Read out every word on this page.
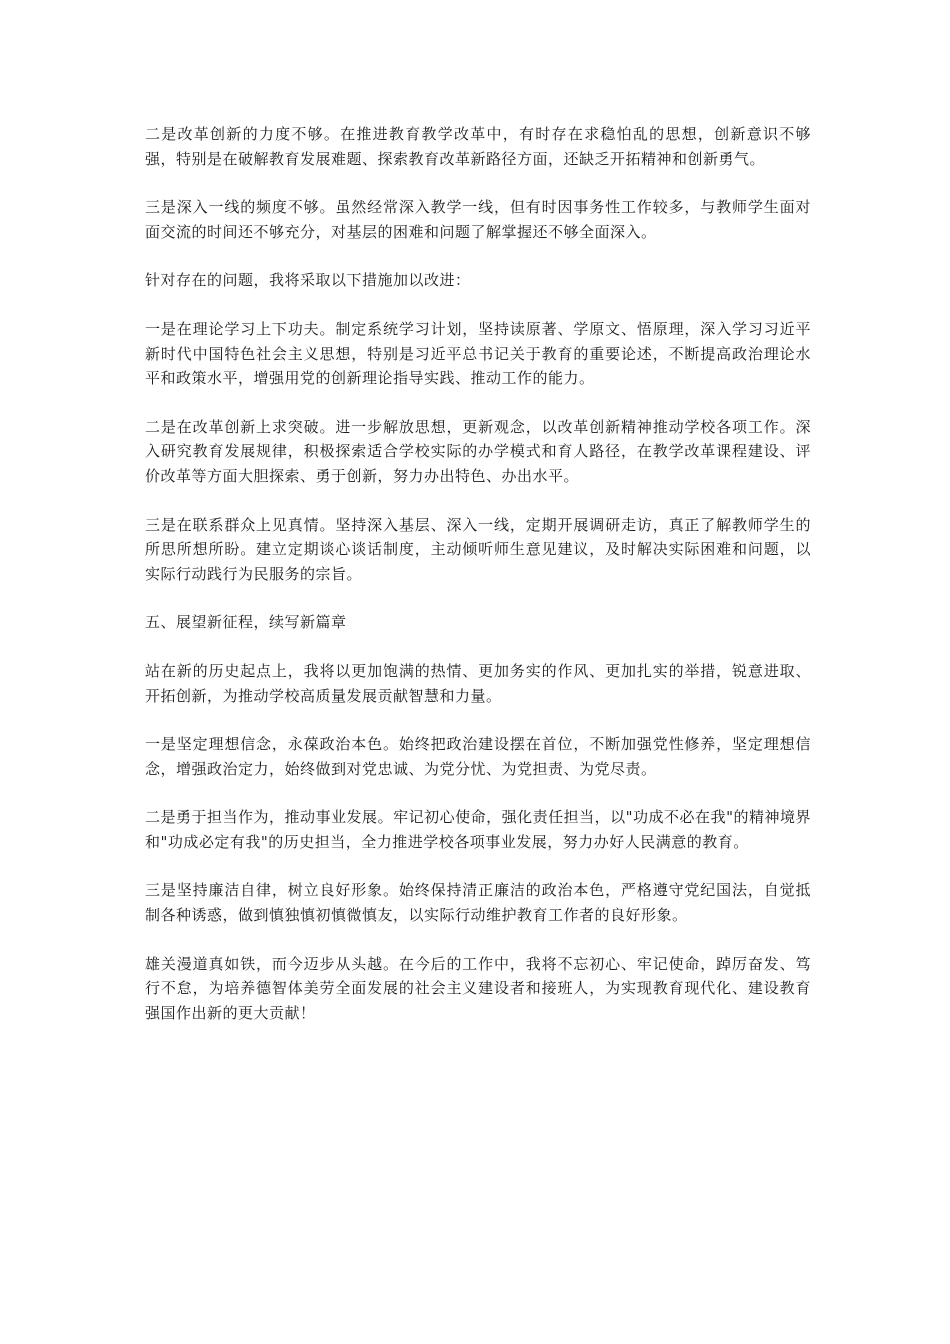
二是改革创新的力度不够。在推进教育教学改革中，有时存在求稳怕乱的思想，创新意识不够强，特别是在破解教育发展难题、探索教育改革新路径方面，还缺乏开拓精神和创新勇气。

三是深入一线的频度不够。虽然经常深入教学一线，但有时因事务性工作较多，与教师学生面对面交流的时间还不够充分，对基层的困难和问题了解掌握还不够全面深入。

针对存在的问题，我将采取以下措施加以改进：

一是在理论学习上下功夫。制定系统学习计划，坚持读原著、学原文、悟原理，深入学习习近平新时代中国特色社会主义思想，特别是习近平总书记关于教育的重要论述，不断提高政治理论水平和政策水平，增强用党的创新理论指导实践、推动工作的能力。

二是在改革创新上求突破。进一步解放思想，更新观念，以改革创新精神推动学校各项工作。深入研究教育发展规律，积极探索适合学校实际的办学模式和育人路径，在教学改革课程建设、评价改革等方面大胆探索、勇于创新，努力办出特色、办出水平。

三是在联系群众上见真情。坚持深入基层、深入一线，定期开展调研走访，真正了解教师学生的所思所想所盼。建立定期谈心谈话制度，主动倾听师生意见建议，及时解决实际困难和问题，以实际行动践行为民服务的宗旨。

五、展望新征程，续写新篇章

站在新的历史起点上，我将以更加饱满的热情、更加务实的作风、更加扎实的举措，锐意进取、开拓创新，为推动学校高质量发展贡献智慧和力量。

一是坚定理想信念，永葆政治本色。始终把政治建设摆在首位，不断加强党性修养，坚定理想信念，增强政治定力，始终做到对党忠诚、为党分忧、为党担责、为党尽责。

二是勇于担当作为，推动事业发展。牢记初心使命，强化责任担当，以"功成不必在我"的精神境界和"功成必定有我"的历史担当，全力推进学校各项事业发展，努力办好人民满意的教育。

三是坚持廉洁自律，树立良好形象。始终保持清正廉洁的政治本色，严格遵守党纪国法，自觉抵制各种诱惑，做到慎独慎初慎微慎友，以实际行动维护教育工作者的良好形象。

雄关漫道真如铁，而今迈步从头越。在今后的工作中，我将不忘初心、牢记使命，踔厉奋发、笃行不怠，为培养德智体美劳全面发展的社会主义建设者和接班人，为实现教育现代化、建设教育强国作出新的更大贡献！
